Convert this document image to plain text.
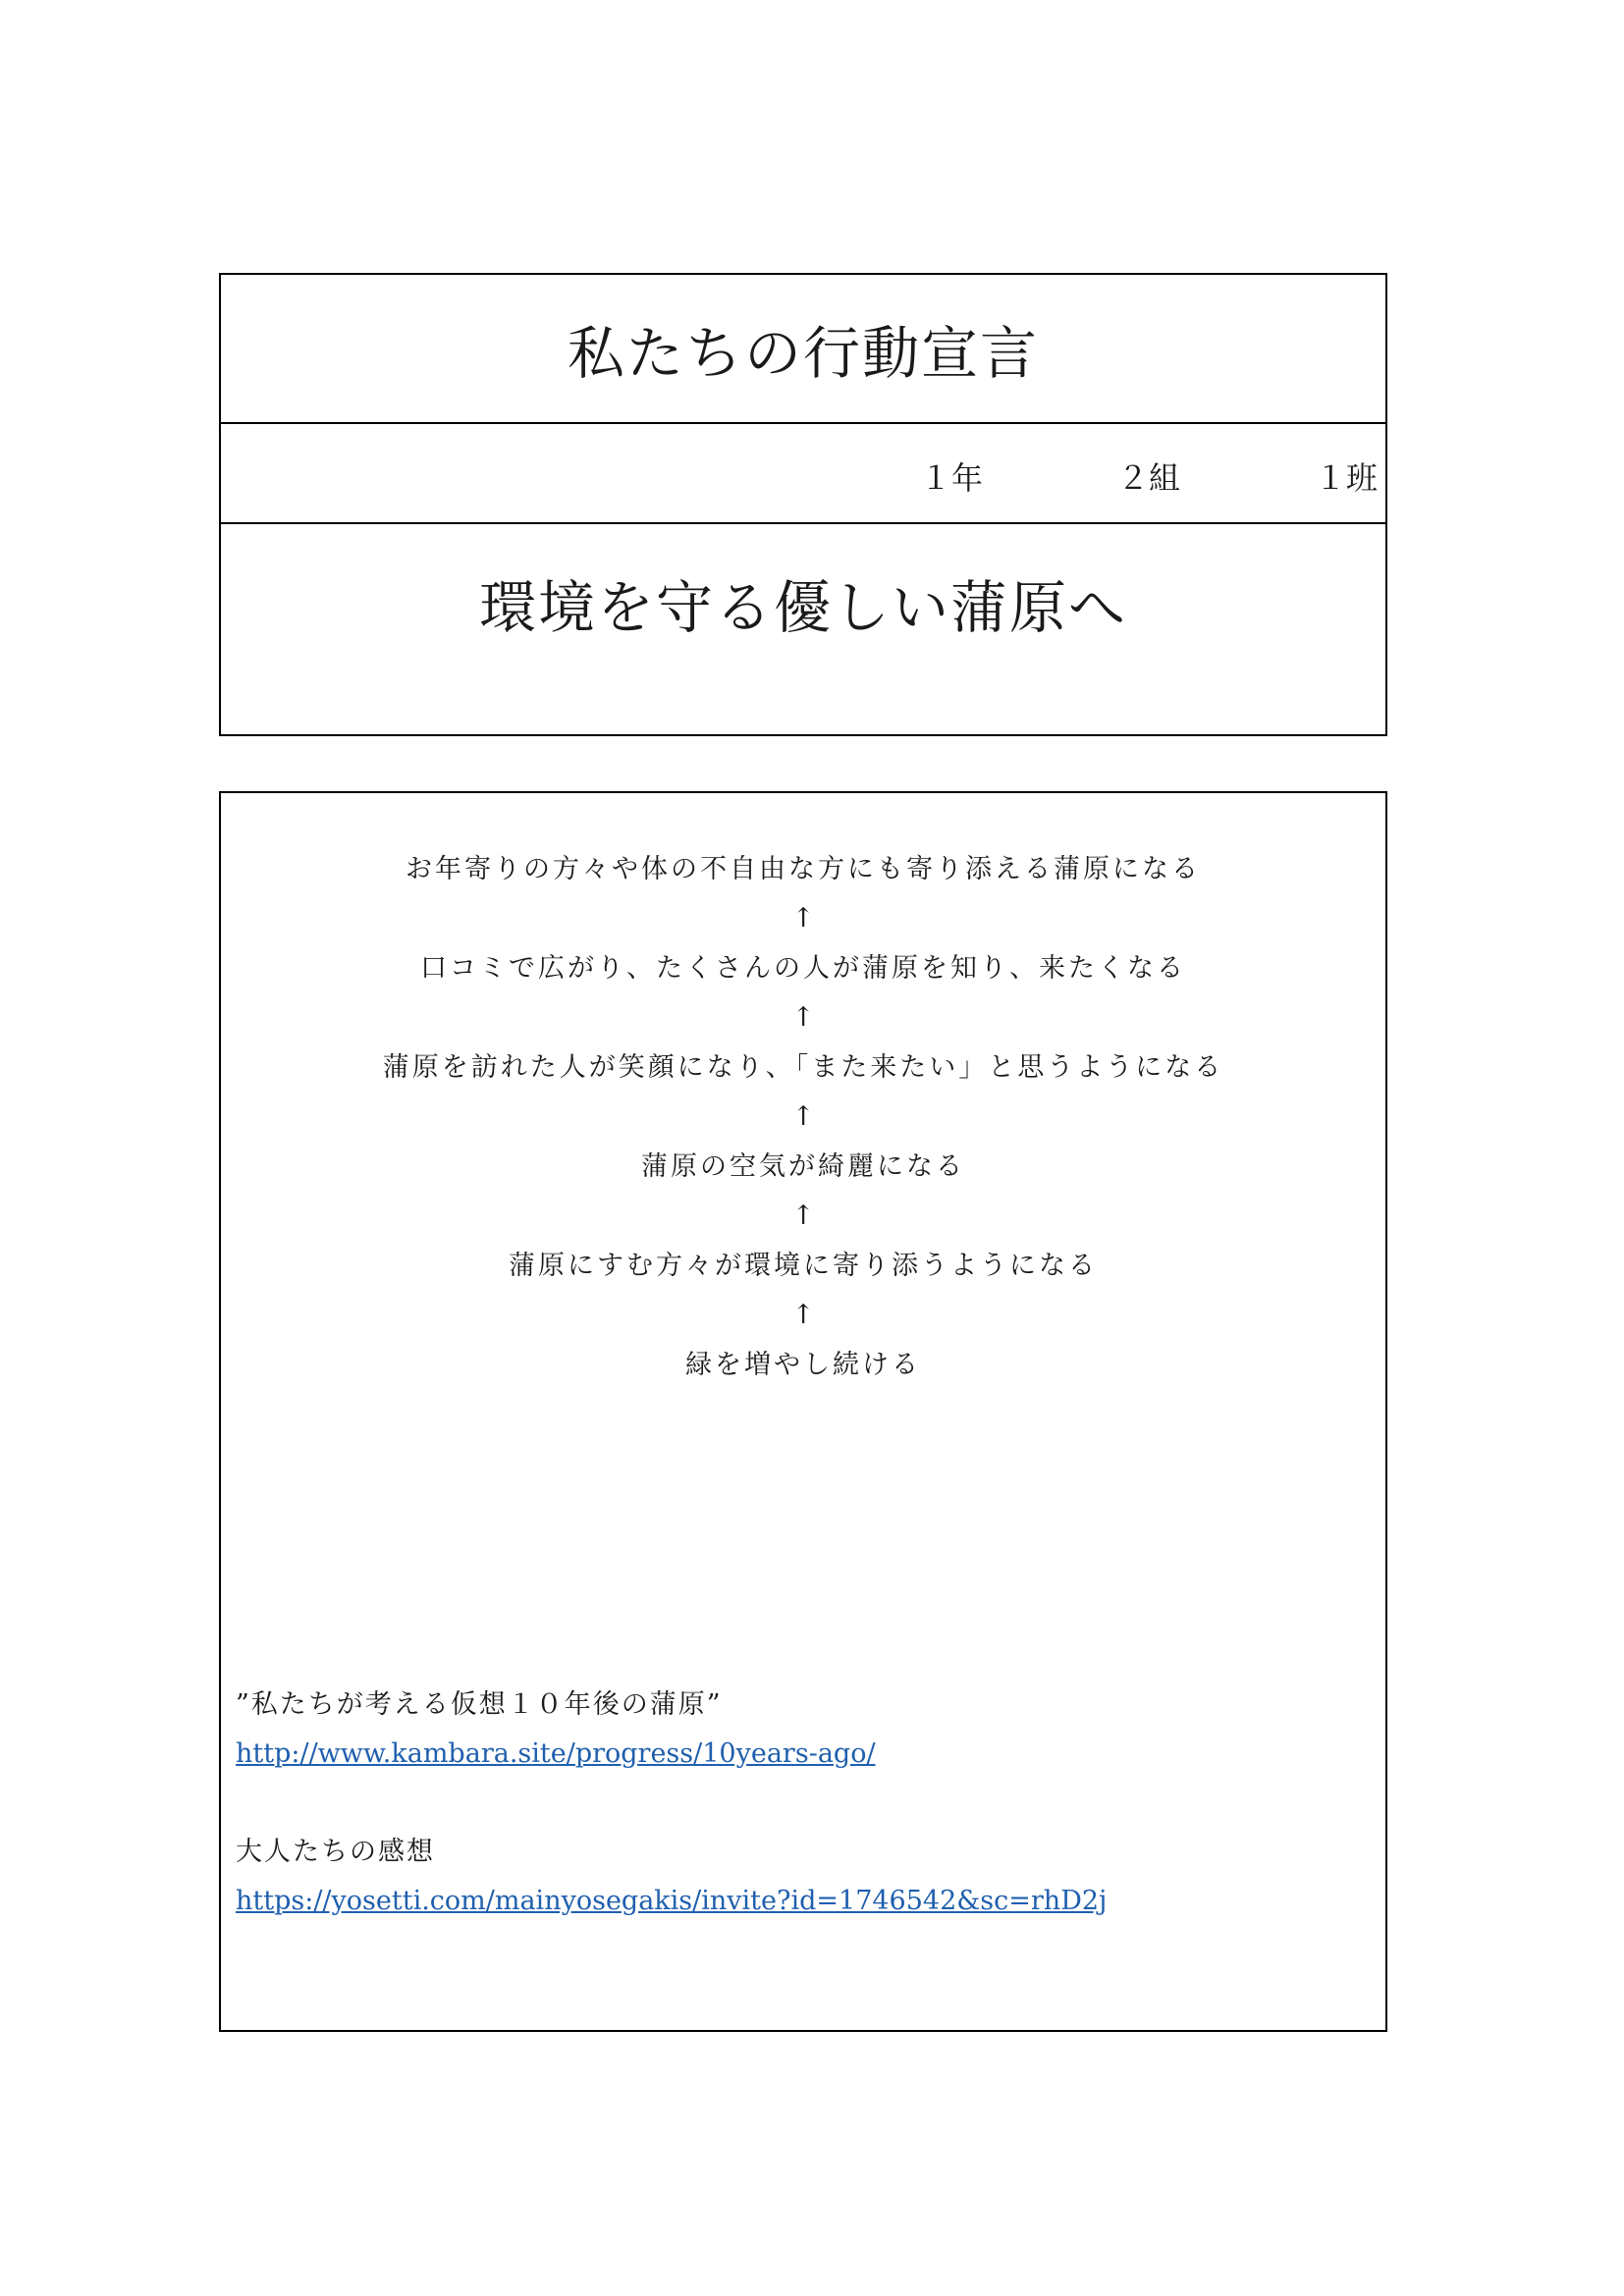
私たちの行動宣言
１年	２組	１班
環境を守る優しい蒲原へ
お年寄りの方々や体の不自由な方にも寄り添える蒲原になる
↑
口コミで広がり、たくさんの人が蒲原を知り、来たくなる
↑
蒲原を訪れた人が笑顔になり、「また来たい」と思うようになる
↑
蒲原の空気が綺麗になる
↑
蒲原にすむ方々が環境に寄り添うようになる
↑
緑を増やし続ける
”私たちが考える仮想１０年後の蒲原”
http://www.kambara.site/progress/10years-ago/
大人たちの感想
https://yosetti.com/mainyosegakis/invite?id=1746542&sc=rhD2j
